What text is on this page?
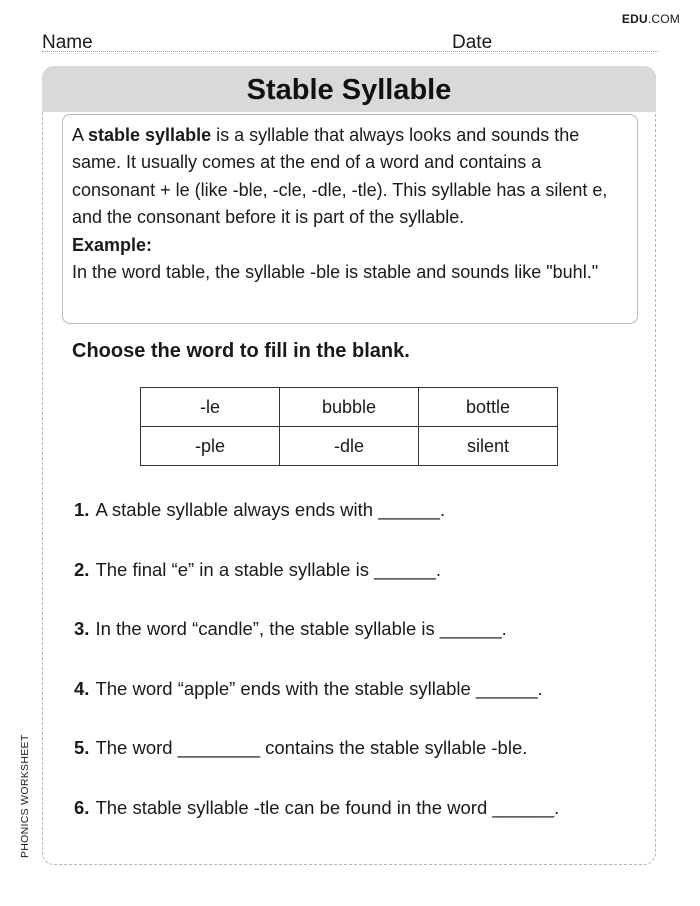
EDU.COM
Name	Date
PHONICS WORKSHEET
Stable Syllable

A stable syllable is a syllable that always looks and sounds the same. It usually comes at the end of a word and contains a consonant + le (like -ble, -cle, -dle, -tle). This syllable has a silent e, and the consonant before it is part of the syllable.

Example:

In the word table, the syllable -ble is stable and sounds like "buhl."

Choose the word to fill in the blank.
-le	bubble	bottle
-ple	-dle	silent
1. A stable syllable always ends with ______.
2. The final “e” in a stable syllable is ______.
3. In the word “candle”, the stable syllable is ______.
4. The word “apple” ends with the stable syllable ______.
5. The word ________ contains the stable syllable -ble.
6. The stable syllable -tle can be found in the word ______.
